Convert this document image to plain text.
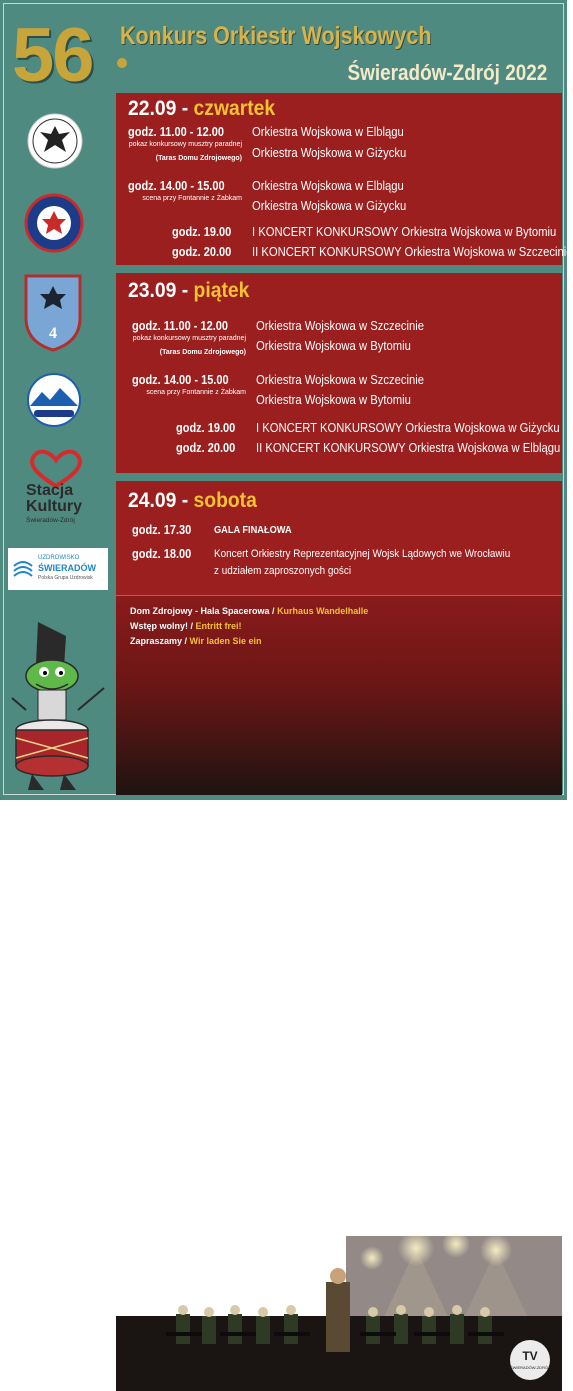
56 Konkurs Orkiestr Wojskowych
Świeradów-Zdrój 2022
4
Stacja
Kultury
Świeradów-Zdrój
UZDROWISKO
ŚWIERADÓW
Polska Grupa Uzdrowisk
22.09 - czwartek
godz. 11.00 - 12.00
pokaz konkursowy musztry paradnej
(Taras Domu Zdrojowego)
Orkiestra Wojskowa w Elblągu
Orkiestra Wojskowa w Giżycku
godz. 14.00 - 15.00
scena przy Fontannie z Żabkam
Orkiestra Wojskowa w Elblągu
Orkiestra Wojskowa w Giżycku
godz. 19.00 I KONCERT KONKURSOWY Orkiestra Wojskowa w Bytomiu
godz. 20.00 II KONCERT KONKURSOWY Orkiestra Wojskowa w Szczecinie
23.09 - piątek
godz. 11.00 - 12.00
pokaz konkursowy musztry paradnej
(Taras Domu Zdrojowego)
Orkiestra Wojskowa w Szczecinie
Orkiestra Wojskowa w Bytomiu
godz. 14.00 - 15.00
scena przy Fontannie z Żabkam
Orkiestra Wojskowa w Szczecinie
Orkiestra Wojskowa w Bytomiu
godz. 19.00 I KONCERT KONKURSOWY Orkiestra Wojskowa w Giżycku
godz. 20.00 II KONCERT KONKURSOWY Orkiestra Wojskowa w Elblągu
24.09 - sobota
godz. 17.30 GALA FINAŁOWA
godz. 18.00 Koncert Orkiestry Reprezentacyjnej Wojsk Lądowych we Wrocławiu
z udziałem zaproszonych gości
Dom Zdrojowy - Hala Spacerowa / Kurhaus Wandelhalle
Wstęp wolny! / Entritt frei!
Zapraszamy / Wir laden Sie ein
TV
ŚWIERADÓW-ZDRÓJ
